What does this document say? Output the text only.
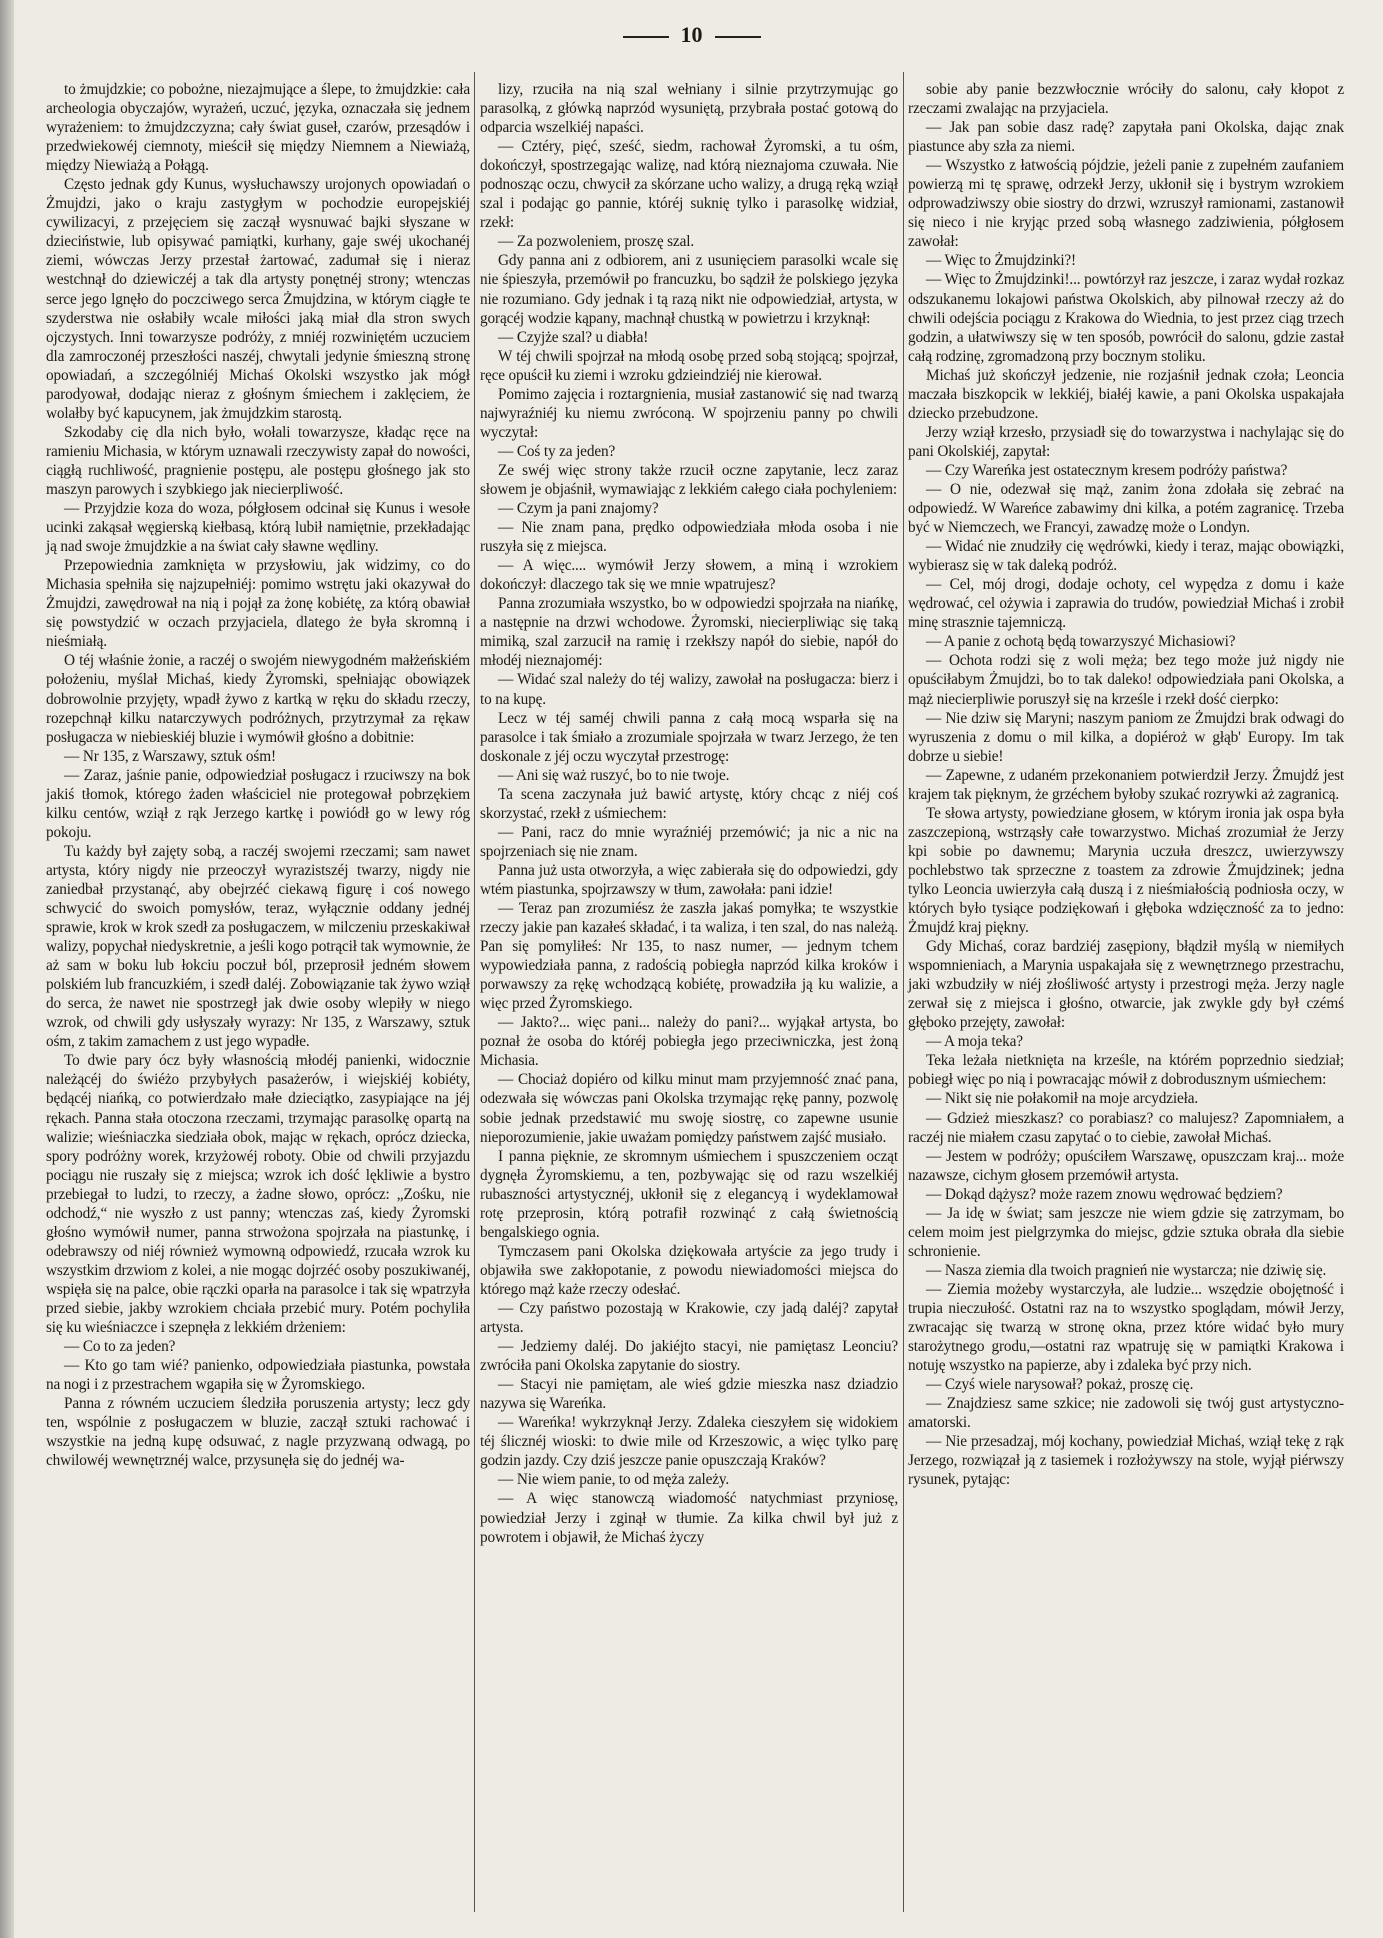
10

to żmujdzkie; co pobożne, niezajmujące a ślepe, to żmujdzkie: cała archeologia obyczajów, wyrażeń, uczuć, języka, oznaczała się jednem wyrażeniem: to żmujdzczyzna; cały świat guseł, czarów, przesądów i przedwiekowéj ciemnoty, mieścił się między Niemnem a Niewiażą, między Niewiażą a Połągą.

Często jednak gdy Kunus, wysłuchawszy urojonych opowiadań o Żmujdzi, jako o kraju zastygłym w pochodzie europejskiéj cywilizacyi, z przejęciem się zaczął wysnuwać bajki słyszane w dzieciństwie, lub opisywać pamiątki, kurhany, gaje swéj ukochanéj ziemi, wówczas Jerzy przestał żartować, zadumał się i nieraz westchnął do dziewiczéj a tak dla artysty ponętnéj strony; wtenczas serce jego lgnęło do poczciwego serca Żmujdzina, w którym ciągłe te szyderstwa nie osłabiły wcale miłości jaką miał dla stron swych ojczystych. Inni towarzysze podróży, z mniéj rozwiniętém uczuciem dla zamroczonéj przeszłości naszéj, chwytali jedynie śmieszną stronę opowiadań, a szczególniéj Michaś Okolski wszystko jak mógł parodyował, dodając nieraz z głośnym śmiechem i zaklęciem, że wolałby być kapucynem, jak żmujdzkim starostą.

Szkodaby cię dla nich było, wołali towarzysze, kładąc ręce na ramieniu Michasia, w którym uznawali rzeczywisty zapał do nowości, ciągłą ruchliwość, pragnienie postępu, ale postępu głośnego jak sto maszyn parowych i szybkiego jak niecierpliwość.

— Przyjdzie koza do woza, półgłosem odcinał się Kunus i wesołe ucinki zakąsał węgierską kiełbasą, którą lubił namiętnie, przekładając ją nad swoje żmujdzkie a na świat cały sławne wędliny.

Przepowiednia zamknięta w przysłowiu, jak widzimy, co do Michasia spełniła się najzupełniéj: pomimo wstrętu jaki okazywał do Żmujdzi, zawędrował na nią i pojął za żonę kobiétę, za którą obawiał się powstydzić w oczach przyjaciela, dlatego że była skromną i nieśmiałą.

O téj właśnie żonie, a raczéj o swojém niewygodném małżeńskiém położeniu, myślał Michaś, kiedy Żyromski, spełniając obowiązek dobrowolnie przyjęty, wpadł żywo z kartką w ręku do składu rzeczy, rozepchnął kilku natarczywych podróżnych, przytrzymał za rękaw posługacza w niebieskiéj bluzie i wymówił głośno a dobitnie:

— Nr 135, z Warszawy, sztuk ośm!

— Zaraz, jaśnie panie, odpowiedział posługacz i rzuciwszy na bok jakiś tłomok, którego żaden właściciel nie protegował pobrzękiem kilku centów, wziął z rąk Jerzego kartkę i powiódł go w lewy róg pokoju.

Tu każdy był zajęty sobą, a raczéj swojemi rzeczami; sam nawet artysta, który nigdy nie przeoczył wyrazistszéj twarzy, nigdy nie zaniedbał przystanąć, aby obejrzéć ciekawą figurę i coś nowego schwycić do swoich pomysłów, teraz, wyłącznie oddany jednéj sprawie, krok w krok szedł za posługaczem, w milczeniu przeskakiwał walizy, popychał niedyskretnie, a jeśli kogo potrącił tak wymownie, że aż sam w boku lub łokciu poczuł ból, przeprosił jedném słowem polskiém lub francuzkiém, i szedł daléj. Zobowiązanie tak żywo wziął do serca, że nawet nie spostrzegł jak dwie osoby wlepiły w niego wzrok, od chwili gdy usłyszały wyrazy: Nr 135, z Warszawy, sztuk ośm, z takim zamachem z ust jego wypadłe.

To dwie pary ócz były własnością młodéj panienki, widocznie należącéj do świéżo przybyłych pasażerów, i wiejskiéj kobiéty, będącéj niańką, co potwierdzało małe dzieciątko, zasypiające na jéj rękach. Panna stała otoczona rzeczami, trzymając parasolkę opartą na walizie; wieśniaczka siedziała obok, mając w rękach, oprócz dziecka, spory podróżny worek, krzyżowéj roboty. Obie od chwili przyjazdu pociągu nie ruszały się z miejsca; wzrok ich dość lękliwie a bystro przebiegał to ludzi, to rzeczy, a żadne słowo, oprócz: „Zośku, nie odchodź,“ nie wyszło z ust panny; wtenczas zaś, kiedy Żyromski głośno wymówił numer, panna strwożona spojrzała na piastunkę, i odebrawszy od niéj również wymowną odpowiedź, rzucała wzrok ku wszystkim drzwiom z kolei, a nie mogąc dojrzéć osoby poszukiwanéj, wspięła się na palce, obie rączki oparła na parasolce i tak się wpatrzyła przed siebie, jakby wzrokiem chciała przebić mury. Potém pochyliła się ku wieśniaczce i szepnęła z lekkiém drżeniem:

— Co to za jeden?

— Kto go tam wié? panienko, odpowiedziała piastunka, powstała na nogi i z przestrachem wgapiła się w Żyromskiego.

Panna z równém uczuciem śledziła poruszenia artysty; lecz gdy ten, wspólnie z posługaczem w bluzie, zaczął sztuki rachować i wszystkie na jedną kupę odsuwać, z nagle przyzwaną odwagą, po chwilowéj wewnętrznéj walce, przysunęła się do jednéj wa-

lizy, rzuciła na nią szal wełniany i silnie przytrzymując go parasolką, z główką naprzód wysuniętą, przybrała postać gotową do odparcia wszelkiéj napaści.

— Cztéry, pięć, sześć, siedm, rachował Żyromski, a tu ośm, dokończył, spostrzegając walizę, nad którą nieznajoma czuwała. Nie podnosząc oczu, chwycił za skórzane ucho walizy, a drugą ręką wziął szal i podając go pannie, któréj suknię tylko i parasolkę widział, rzekł:

— Za pozwoleniem, proszę szal.

Gdy panna ani z odbiorem, ani z usunięciem parasolki wcale się nie śpieszyła, przemówił po francuzku, bo sądził że polskiego języka nie rozumiano. Gdy jednak i tą razą nikt nie odpowiedział, artysta, w gorącéj wodzie kąpany, machnął chustką w powietrzu i krzyknął:

— Czyjże szal? u diabła!

W téj chwili spojrzał na młodą osobę przed sobą stojącą; spojrzał, ręce opuścił ku ziemi i wzroku gdzieindziéj nie kierował.

Pomimo zajęcia i roztargnienia, musiał zastanowić się nad twarzą najwyraźniéj ku niemu zwróconą. W spojrzeniu panny po chwili wyczytał:

— Coś ty za jeden?

Ze swéj więc strony także rzucił oczne zapytanie, lecz zaraz słowem je objaśnił, wymawiając z lekkiém całego ciała pochyleniem:

— Czym ja pani znajomy?

— Nie znam pana, prędko odpowiedziała młoda osoba i nie ruszyła się z miejsca.

— A więc.... wymówił Jerzy słowem, a miną i wzrokiem dokończył: dlaczego tak się we mnie wpatrujesz?

Panna zrozumiała wszystko, bo w odpowiedzi spojrzała na niańkę, a następnie na drzwi wchodowe. Żyromski, niecierpliwiąc się taką mimiką, szal zarzucił na ramię i rzekłszy napół do siebie, napół do młodéj nieznajoméj:

— Widać szal należy do téj walizy, zawołał na posługacza: bierz i to na kupę.

Lecz w téj saméj chwili panna z całą mocą wsparła się na parasolce i tak śmiało a zrozumiale spojrzała w twarz Jerzego, że ten doskonale z jéj oczu wyczytał przestrogę:

— Ani się waż ruszyć, bo to nie twoje.

Ta scena zaczynała już bawić artystę, który chcąc z niéj coś skorzystać, rzekł z uśmiechem:

— Pani, racz do mnie wyraźniéj przemówić; ja nic a nic na spojrzeniach się nie znam.

Panna już usta otworzyła, a więc zabierała się do odpowiedzi, gdy wtém piastunka, spojrzawszy w tłum, zawołała: pani idzie!

— Teraz pan zrozumiész że zaszła jakaś pomyłka; te wszystkie rzeczy jakie pan kazałeś składać, i ta waliza, i ten szal, do nas należą. Pan się pomyliłeś: Nr 135, to nasz numer, — jednym tchem wypowiedziała panna, z radością pobiegła naprzód kilka kroków i porwawszy za rękę wchodzącą kobiétę, prowadziła ją ku walizie, a więc przed Żyromskiego.

— Jakto?... więc pani... należy do pani?... wyjąkał artysta, bo poznał że osoba do któréj pobiegła jego przeciwniczka, jest żoną Michasia.

— Chociaż dopiéro od kilku minut mam przyjemność znać pana, odezwała się wówczas pani Okolska trzymając rękę panny, pozwolę sobie jednak przedstawić mu swoję siostrę, co zapewne usunie nieporozumienie, jakie uważam pomiędzy państwem zajść musiało.

I panna pięknie, ze skromnym uśmiechem i spuszczeniem ocząt dygnęła Żyromskiemu, a ten, pozbywając się od razu wszelkiéj rubaszności artystycznéj, ukłonił się z elegancyą i wydeklamował rotę przeprosin, którą potrafił rozwinąć z całą świetnością bengalskiego ognia.

Tymczasem pani Okolska dziękowała artyście za jego trudy i objawiła swe zakłopotanie, z powodu niewiadomości miejsca do którego mąż każe rzeczy odesłać.

— Czy państwo pozostają w Krakowie, czy jadą daléj? zapytał artysta.

— Jedziemy daléj. Do jakiéjto stacyi, nie pamiętasz Leonciu? zwróciła pani Okolska zapytanie do siostry.

— Stacyi nie pamiętam, ale wieś gdzie mieszka nasz dziadzio nazywa się Wareńka.

— Wareńka! wykrzyknął Jerzy. Zdaleka cieszyłem się widokiem téj ślicznéj wioski: to dwie mile od Krzeszowic, a więc tylko parę godzin jazdy. Czy dziś jeszcze panie opuszczają Kraków?

— Nie wiem panie, to od męża zależy.

— A więc stanowczą wiadomość natychmiast przyniosę, powiedział Jerzy i zginął w tłumie. Za kilka chwil był już z powrotem i objawił, że Michaś życzy

sobie aby panie bezzwłocznie wróciły do salonu, cały kłopot z rzeczami zwalając na przyjaciela.

— Jak pan sobie dasz radę? zapytała pani Okolska, dając znak piastunce aby szła za niemi.

— Wszystko z łatwością pójdzie, jeżeli panie z zupełném zaufaniem powierzą mi tę sprawę, odrzekł Jerzy, ukłonił się i bystrym wzrokiem odprowadziwszy obie siostry do drzwi, wzruszył ramionami, zastanowił się nieco i nie kryjąc przed sobą własnego zadziwienia, półgłosem zawołał:

— Więc to Żmujdzinki?!

— Więc to Żmujdzinki!... powtórzył raz jeszcze, i zaraz wydał rozkaz odszukanemu lokajowi państwa Okolskich, aby pilnował rzeczy aż do chwili odejścia pociągu z Krakowa do Wiednia, to jest przez ciąg trzech godzin, a ułatwiwszy się w ten sposób, powrócił do salonu, gdzie zastał całą rodzinę, zgromadzoną przy bocznym stoliku.

Michaś już skończył jedzenie, nie rozjaśnił jednak czoła; Leoncia maczała biszkopcik w lekkiéj, białéj kawie, a pani Okolska uspakajała dziecko przebudzone.

Jerzy wziął krzesło, przysiadł się do towarzystwa i nachylając się do pani Okolskiéj, zapytał:

— Czy Wareńka jest ostatecznym kresem podróży państwa?

— O nie, odezwał się mąż, zanim żona zdołała się zebrać na odpowiedź. W Wareńce zabawimy dni kilka, a potém zagranicę. Trzeba być w Niemczech, we Francyi, zawadzę może o Londyn.

— Widać nie znudziły cię wędrówki, kiedy i teraz, mając obowiązki, wybierasz się w tak daleką podróż.

— Cel, mój drogi, dodaje ochoty, cel wypędza z domu i każe wędrować, cel ożywia i zaprawia do trudów, powiedział Michaś i zrobił minę strasznie tajemniczą.

— A panie z ochotą będą towarzyszyć Michasiowi?

— Ochota rodzi się z woli męża; bez tego może już nigdy nie opuściłabym Żmujdzi, bo to tak daleko! odpowiedziała pani Okolska, a mąż niecierpliwie poruszył się na krześle i rzekł dość cierpko:

— Nie dziw się Maryni; naszym paniom ze Żmujdzi brak odwagi do wyruszenia z domu o mil kilka, a dopiéroż w głąb' Europy. Im tak dobrze u siebie!

— Zapewne, z udaném przekonaniem potwierdził Jerzy. Żmujdź jest krajem tak pięknym, że grzéchem byłoby szukać rozrywki aż zagranicą.

Te słowa artysty, powiedziane głosem, w którym ironia jak ospa była zaszczepioną, wstrząsły całe towarzystwo. Michaś zrozumiał że Jerzy kpi sobie po dawnemu; Marynia uczuła dreszcz, uwierzywszy pochlebstwo tak sprzeczne z toastem za zdrowie Żmujdzinek; jedna tylko Leoncia uwierzyła całą duszą i z nieśmiałością podniosła oczy, w których było tysiące podziękowań i głęboka wdzięczność za to jedno: Żmujdź kraj piękny.

Gdy Michaś, coraz bardziéj zasępiony, błądził myślą w niemiłych wspomnieniach, a Marynia uspakajała się z wewnętrznego przestrachu, jaki wzbudziły w niéj złośliwość artysty i przestrogi męża. Jerzy nagle zerwał się z miejsca i głośno, otwarcie, jak zwykle gdy był czémś głęboko przejęty, zawołał:

— A moja teka?

Teka leżała nietknięta na krześle, na którém poprzednio siedział; pobiegł więc po nią i powracając mówił z dobrodusznym uśmiechem:

— Nikt się nie połakomił na moje arcydzieła.

— Gdzież mieszkasz? co porabiasz? co malujesz? Zapomniałem, a raczéj nie miałem czasu zapytać o to ciebie, zawołał Michaś.

— Jestem w podróży; opuściłem Warszawę, opuszczam kraj... może nazawsze, cichym głosem przemówił artysta.

— Dokąd dążysz? może razem znowu wędrować będziem?

— Ja idę w świat; sam jeszcze nie wiem gdzie się zatrzymam, bo celem moim jest pielgrzymka do miejsc, gdzie sztuka obrała dla siebie schronienie.

— Nasza ziemia dla twoich pragnień nie wystarcza; nie dziwię się.

— Ziemia możeby wystarczyła, ale ludzie... wszędzie obojętność i trupia nieczułość. Ostatni raz na to wszystko spoglądam, mówił Jerzy, zwracając się twarzą w stronę okna, przez które widać było mury starożytnego grodu,—ostatni raz wpatruję się w pamiątki Krakowa i notuję wszystko na papierze, aby i zdaleka być przy nich.

— Czyś wiele narysował? pokaż, proszę cię.

— Znajdziesz same szkice; nie zadowoli się twój gust artystyczno-amatorski.

— Nie przesadzaj, mój kochany, powiedział Michaś, wziął tekę z rąk Jerzego, rozwiązał ją z tasiemek i rozłożywszy na stole, wyjął piérwszy rysunek, pytając:
